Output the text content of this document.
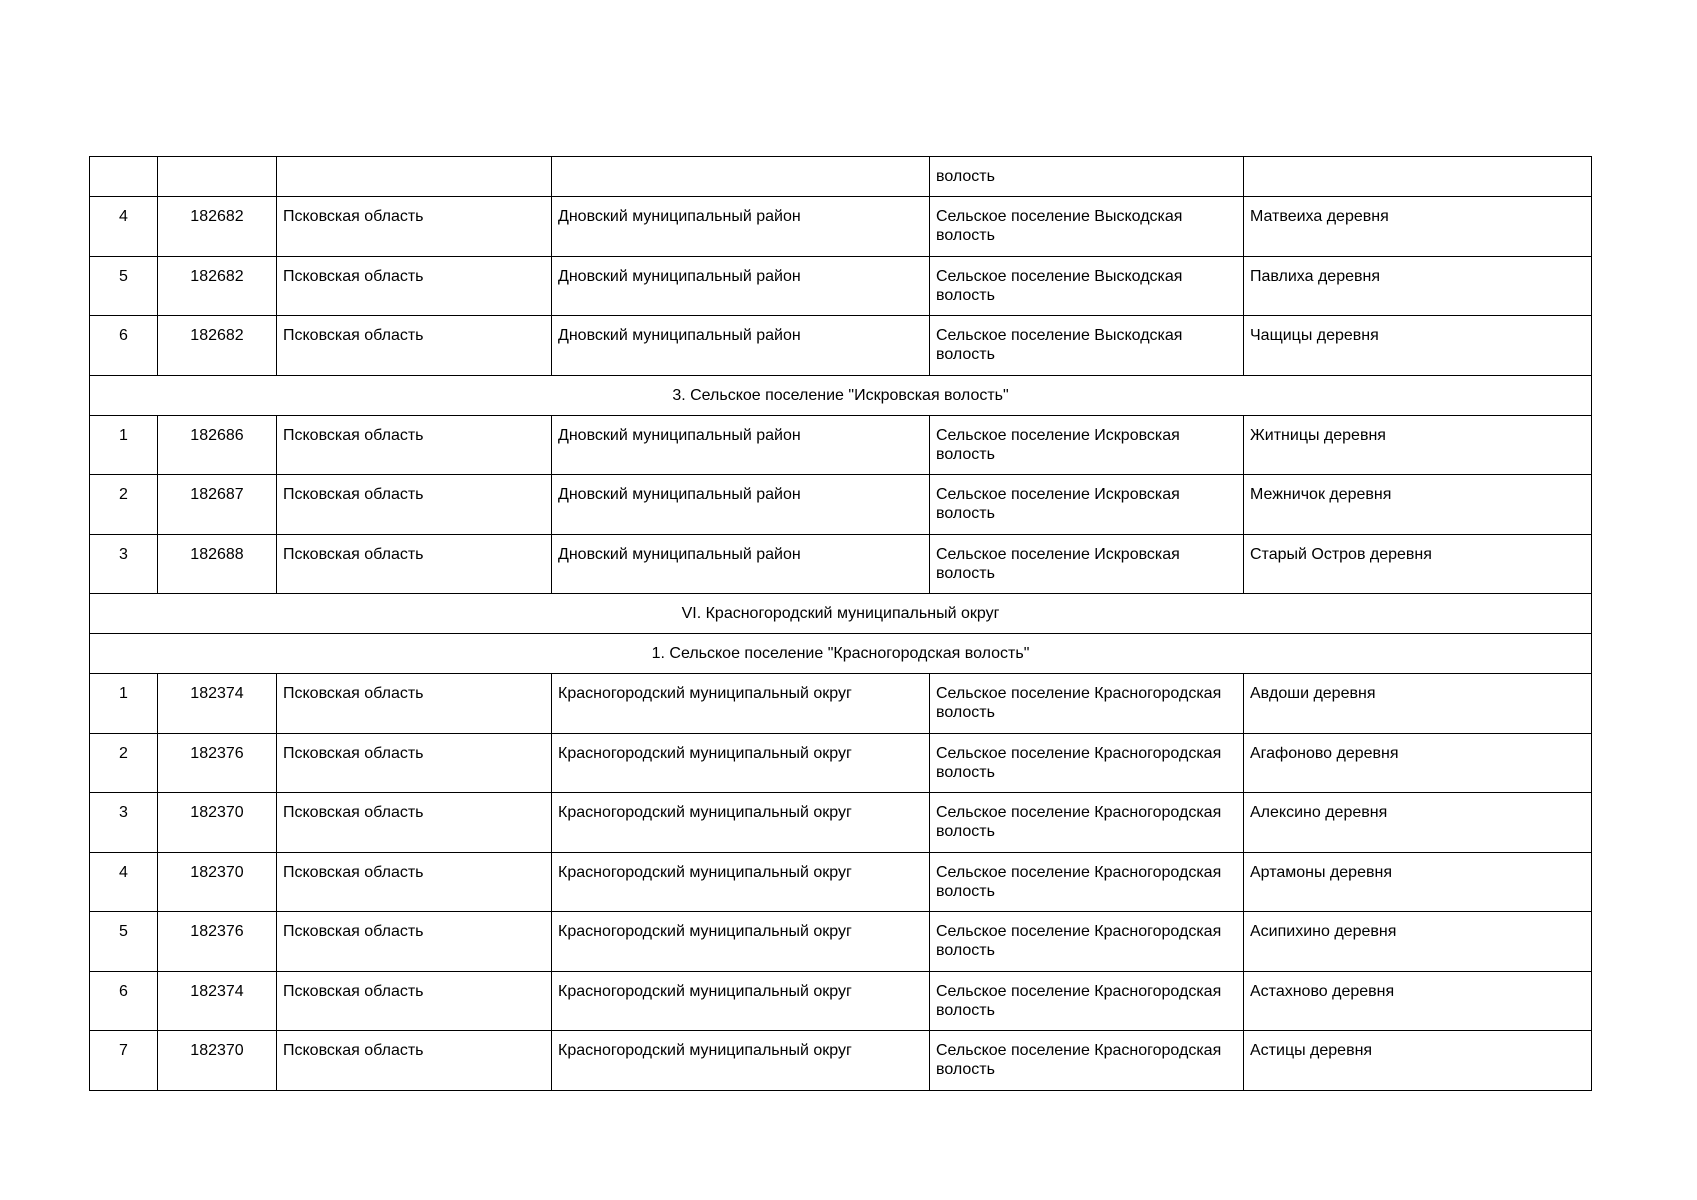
				волость	
4	182682	Псковская область	Дновский муниципальный район	Сельское поселение Выскодская волость	Матвеиха деревня
5	182682	Псковская область	Дновский муниципальный район	Сельское поселение Выскодская волость	Павлиха деревня
6	182682	Псковская область	Дновский муниципальный район	Сельское поселение Выскодская волость	Чащицы деревня
3. Сельское поселение "Искровская волость"					
1	182686	Псковская область	Дновский муниципальный район	Сельское поселение Искровская волость	Житницы деревня
2	182687	Псковская область	Дновский муниципальный район	Сельское поселение Искровская волость	Межничок деревня
3	182688	Псковская область	Дновский муниципальный район	Сельское поселение Искровская волость	Старый Остров деревня
VI. Красногородский муниципальный округ					
1. Сельское поселение "Красногородская волость"					
1	182374	Псковская область	Красногородский муниципальный округ	Сельское поселение Красногородская волость	Авдоши деревня
2	182376	Псковская область	Красногородский муниципальный округ	Сельское поселение Красногородская волость	Агафоново деревня
3	182370	Псковская область	Красногородский муниципальный округ	Сельское поселение Красногородская волость	Алексино деревня
4	182370	Псковская область	Красногородский муниципальный округ	Сельское поселение Красногородская волость	Артамоны деревня
5	182376	Псковская область	Красногородский муниципальный округ	Сельское поселение Красногородская волость	Асипихино деревня
6	182374	Псковская область	Красногородский муниципальный округ	Сельское поселение Красногородская волость	Астахново деревня
7	182370	Псковская область	Красногородский муниципальный округ	Сельское поселение Красногородская волость	Астицы деревня
